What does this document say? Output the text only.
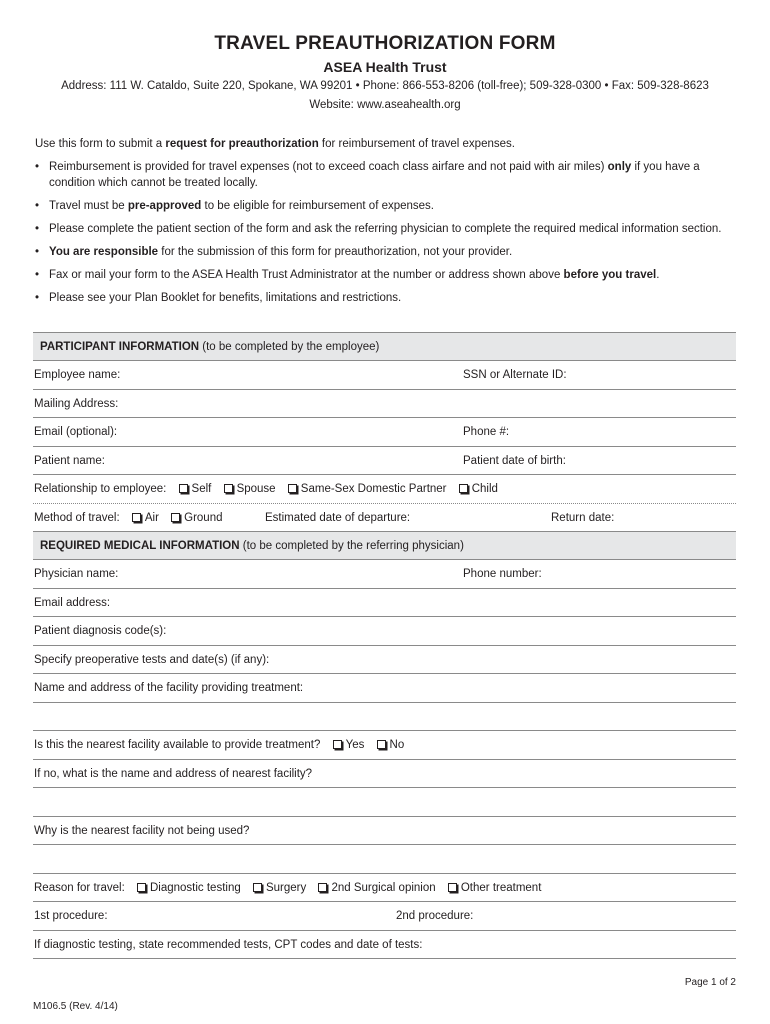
TRAVEL PREAUTHORIZATION FORM
ASEA Health Trust
Address: 111 W. Cataldo, Suite 220, Spokane, WA 99201 • Phone: 866-553-8206 (toll-free); 509-328-0300 • Fax: 509-328-8623
Website: www.aseahealth.org
Use this form to submit a request for preauthorization for reimbursement of travel expenses.
• Reimbursement is provided for travel expenses (not to exceed coach class airfare and not paid with air miles) only if you have a condition which cannot be treated locally.
• Travel must be pre-approved to be eligible for reimbursement of expenses.
• Please complete the patient section of the form and ask the referring physician to complete the required medical information section.
• You are responsible for the submission of this form for preauthorization, not your provider.
• Fax or mail your form to the ASEA Health Trust Administrator at the number or address shown above before you travel.
• Please see your Plan Booklet for benefits, limitations and restrictions.
PARTICIPANT INFORMATION (to be completed by the employee)
Employee name:	SSN or Alternate ID:
Mailing Address:
Email (optional):	Phone #:
Patient name:	Patient date of birth:
Relationship to employee: Self Spouse Same-Sex Domestic Partner Child
Method of travel: Air Ground	Estimated date of departure:	Return date:
REQUIRED MEDICAL INFORMATION (to be completed by the referring physician)
Physician name:	Phone number:
Email address:
Patient diagnosis code(s):
Specify preoperative tests and date(s) (if any):
Name and address of the facility providing treatment:
Is this the nearest facility available to provide treatment? Yes No
If no, what is the name and address of nearest facility?
Why is the nearest facility not being used?
Reason for travel: Diagnostic testing Surgery 2nd Surgical opinion Other treatment
1st procedure:	2nd procedure:
If diagnostic testing, state recommended tests, CPT codes and date of tests:
Page 1 of 2
M106.5 (Rev. 4/14)
